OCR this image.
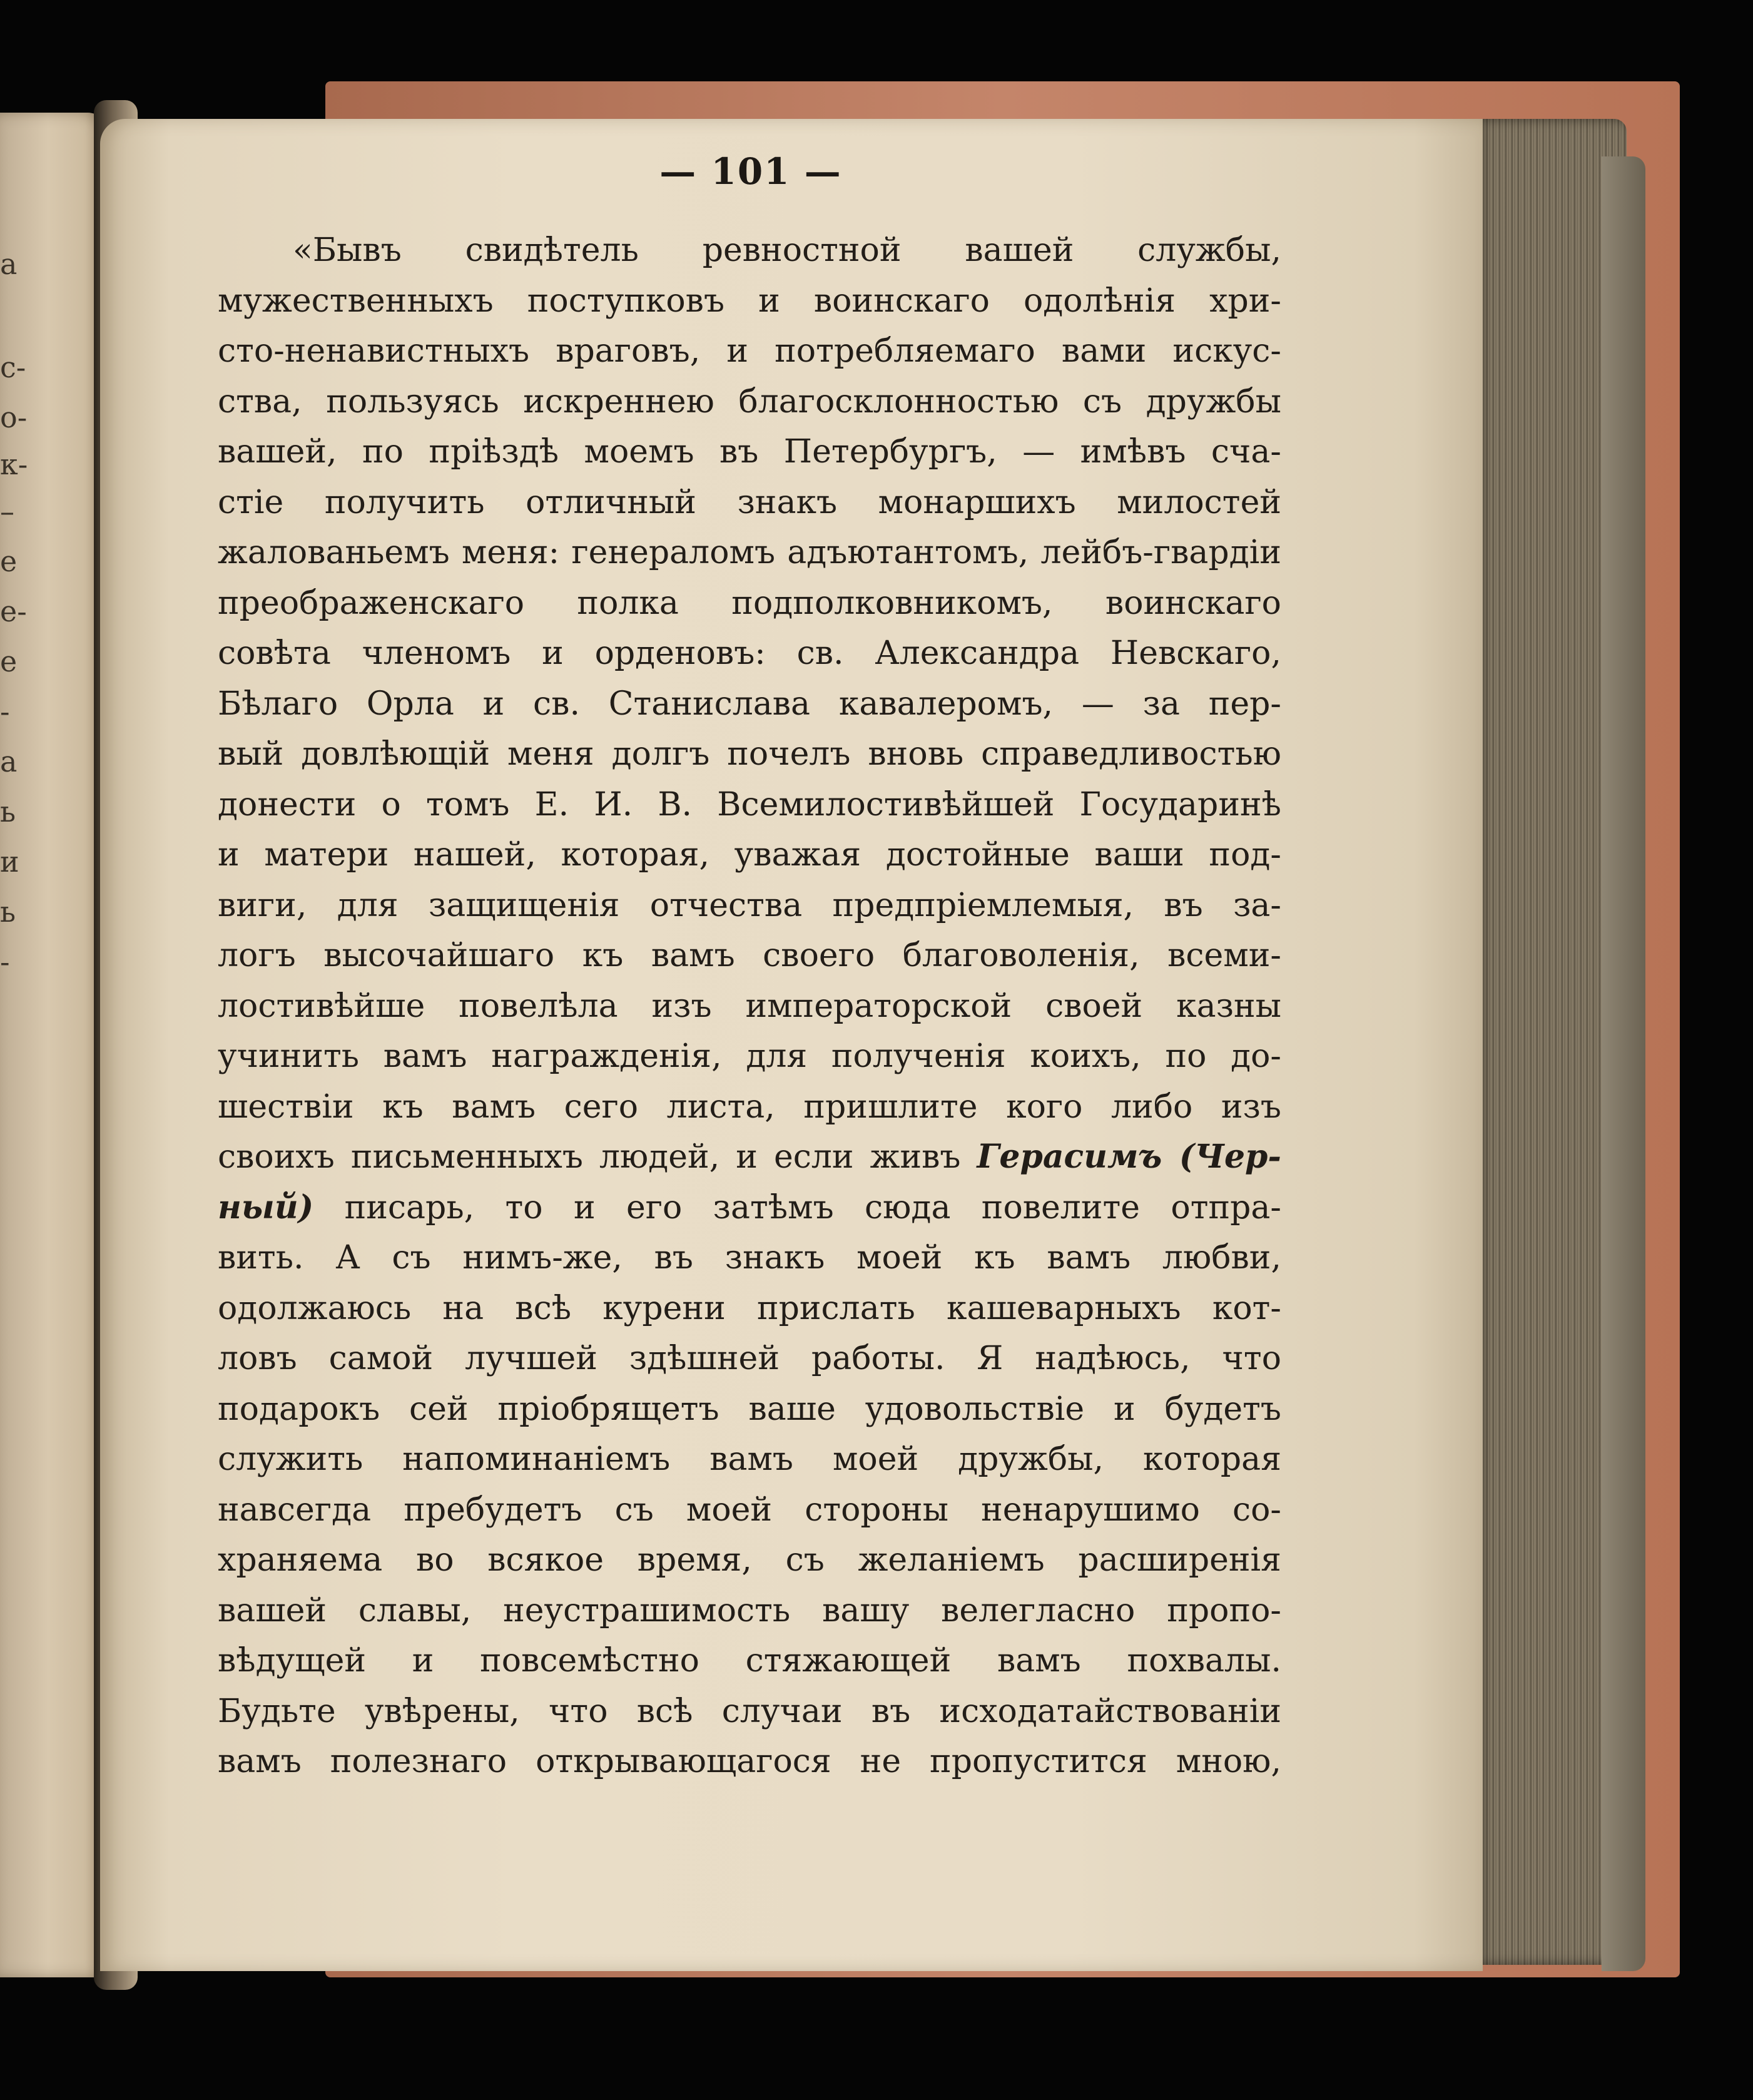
а
с-
о-
к-
–
е
е-
е
-
а
ь
и
ь
-
— 101 —
«Бывъ свидѣтель ревностной вашей службы,
мужественныхъ поступковъ и воинскаго одолѣнія хри-
сто-ненавистныхъ враговъ, и потребляемаго вами искус-
ства, пользуясь искреннею благосклонностью съ дружбы
вашей, по пріѣздѣ моемъ въ Петербургъ, — имѣвъ сча-
стіе получить отличный знакъ монаршихъ милостей
жалованьемъ меня: генераломъ адъютантомъ, лейбъ-гвардіи
преображенскаго полка подполковникомъ, воинскаго
совѣта членомъ и орденовъ: св. Александра Невскаго,
Бѣлаго Орла и св. Станислава кавалеромъ, — за пер-
вый довлѣющій меня долгъ почелъ вновь справедливостью
донести о томъ Е. И. В. Всемилостивѣйшей Государинѣ
и матери нашей, которая, уважая достойные ваши под-
виги, для защищенія отчества предпріемлемыя, въ за-
логъ высочайшаго къ вамъ своего благоволенія, всеми-
лостивѣйше повелѣла изъ императорской своей казны
учинить вамъ награжденія, для полученія коихъ, по до-
шествіи къ вамъ сего листа, пришлите кого либо изъ
своихъ письменныхъ людей, и если живъ Герасимъ (Чер-
ный) писарь, то и его затѣмъ сюда повелите отпра-
вить. А съ нимъ-же, въ знакъ моей къ вамъ любви,
одолжаюсь на всѣ курени прислать кашеварныхъ кот-
ловъ самой лучшей здѣшней работы. Я надѣюсь, что
подарокъ сей пріобрящетъ ваше удовольствіе и будетъ
служить напоминаніемъ вамъ моей дружбы, которая
навсегда пребудетъ съ моей стороны ненарушимо со-
храняема во всякое время, съ желаніемъ расширенія
вашей славы, неустрашимость вашу велегласно пропо-
вѣдущей и повсемѣстно стяжающей вамъ похвалы.
Будьте увѣрены, что всѣ случаи въ исходатайствованіи
вамъ полезнаго открывающагося не пропустится мною,
